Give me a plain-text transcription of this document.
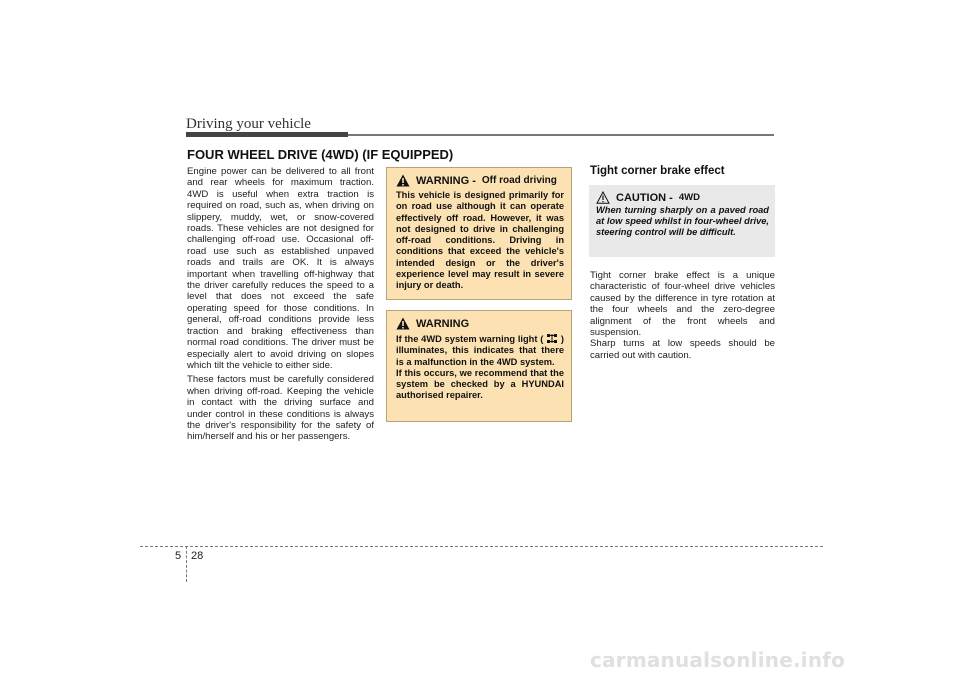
Driving your vehicle
FOUR WHEEL DRIVE (4WD) (IF EQUIPPED)

Engine power can be delivered to all front and rear wheels for maximum traction. 4WD is useful when extra traction is required on road, such as, when driving on slippery, muddy, wet, or snow-covered roads. These vehicles are not designed for challenging off-road use. Occasional off-road use such as established unpaved roads and trails are OK. It is always important when travelling off-highway that the driver carefully reduces the speed to a level that does not exceed the safe operating speed for those conditions. In general, off-road conditions provide less traction and braking effectiveness than normal road conditions. The driver must be especially alert to avoid driving on slopes which tilt the vehicle to either side.

These factors must be carefully considered when driving off-road. Keeping the vehicle in contact with the driving surface and under control in these conditions is always the driver's responsibility for the safety of him/herself and his or her passengers.

WARNING - Off road driving

This vehicle is designed primarily for on road use although it can operate effectively off road. However, it was not designed to drive in challenging off-road conditions. Driving in conditions that exceed the vehicle's intended design or the driver's experience level may result in severe injury or death.

WARNING

If the 4WD system warning light ( ) illuminates, this indicates that there is a malfunction in the 4WD system.
If this occurs, we recommend that the system be checked by a HYUNDAI authorised repairer.

Tight corner brake effect
CAUTION - 4WD

When turning sharply on a paved road at low speed whilst in four-wheel drive, steering control will be difficult.

Tight corner brake effect is a unique characteristic of four-wheel drive vehicles caused by the difference in tyre rotation at the four wheels and the zero-degree alignment of the front wheels and suspension.

Sharp turns at low speeds should be carried out with caution.

5 28
carmanualsonline.info
